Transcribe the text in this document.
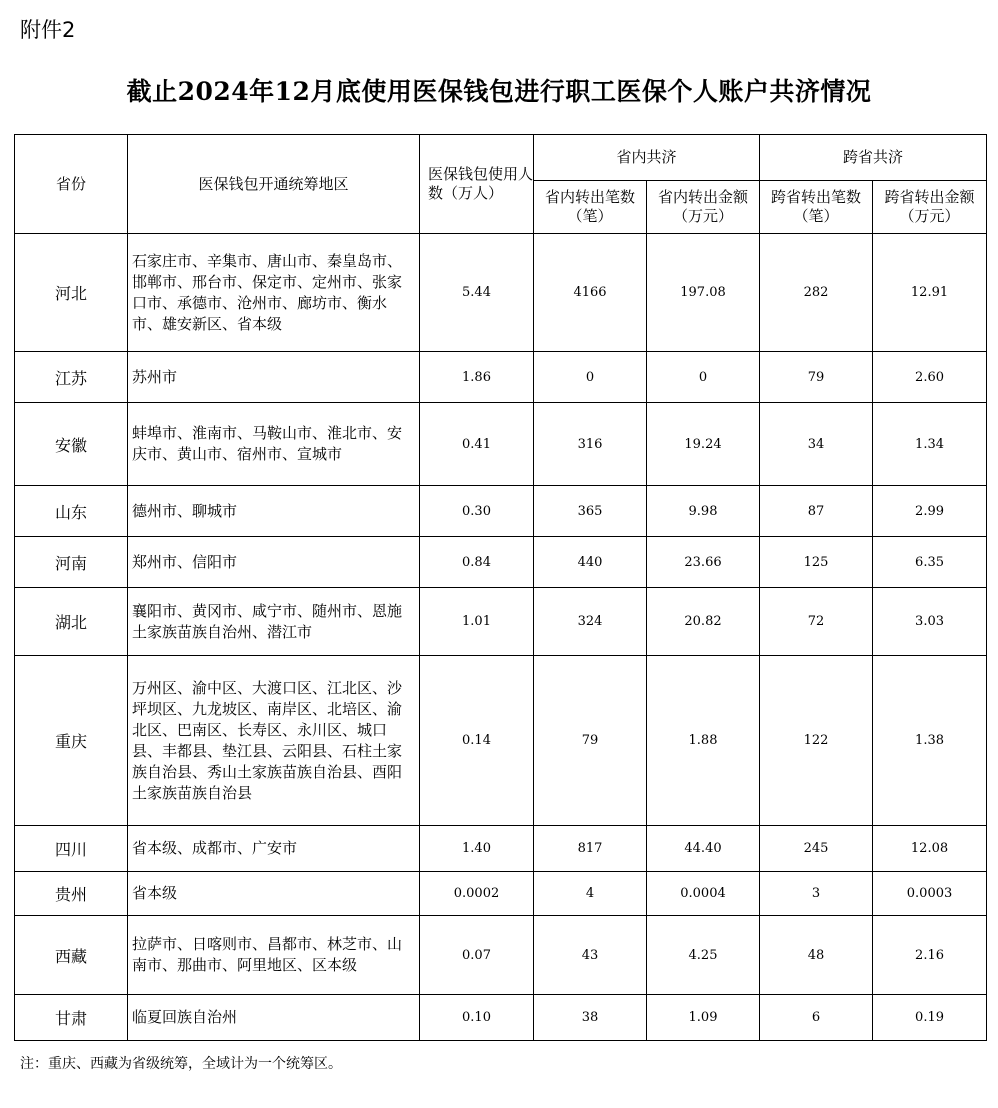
附件2
截止2024年12月底使用医保钱包进行职工医保个人账户共济情况
省份	医保钱包开通统筹地区	医保钱包使用人数（万人）	省内共济		跨省共济	
			省内转出笔数（笔）	省内转出金额（万元）	跨省转出笔数（笔）	跨省转出金额（万元）
河北	石家庄市、辛集市、唐山市、秦皇岛市、邯郸市、邢台市、保定市、定州市、张家口市、承德市、沧州市、廊坊市、衡水市、雄安新区、省本级	5.44	4166	197.08	282	12.91
江苏	苏州市	1.86	0	0	79	2.60
安徽	蚌埠市、淮南市、马鞍山市、淮北市、安庆市、黄山市、宿州市、宣城市	0.41	316	19.24	34	1.34
山东	德州市、聊城市	0.30	365	9.98	87	2.99
河南	郑州市、信阳市	0.84	440	23.66	125	6.35
湖北	襄阳市、黄冈市、咸宁市、随州市、恩施土家族苗族自治州、潜江市	1.01	324	20.82	72	3.03
重庆	万州区、渝中区、大渡口区、江北区、沙坪坝区、九龙坡区、南岸区、北培区、渝北区、巴南区、长寿区、永川区、城口县、丰都县、垫江县、云阳县、石柱土家族自治县、秀山土家族苗族自治县、酉阳土家族苗族自治县	0.14	79	1.88	122	1.38
四川	省本级、成都市、广安市	1.40	817	44.40	245	12.08
贵州	省本级	0.0002	4	0.0004	3	0.0003
西藏	拉萨市、日喀则市、昌都市、林芝市、山南市、那曲市、阿里地区、区本级	0.07	43	4.25	48	2.16
甘肃	临夏回族自治州	0.10	38	1.09	6	0.19
注：重庆、西藏为省级统筹，全域计为一个统筹区。
